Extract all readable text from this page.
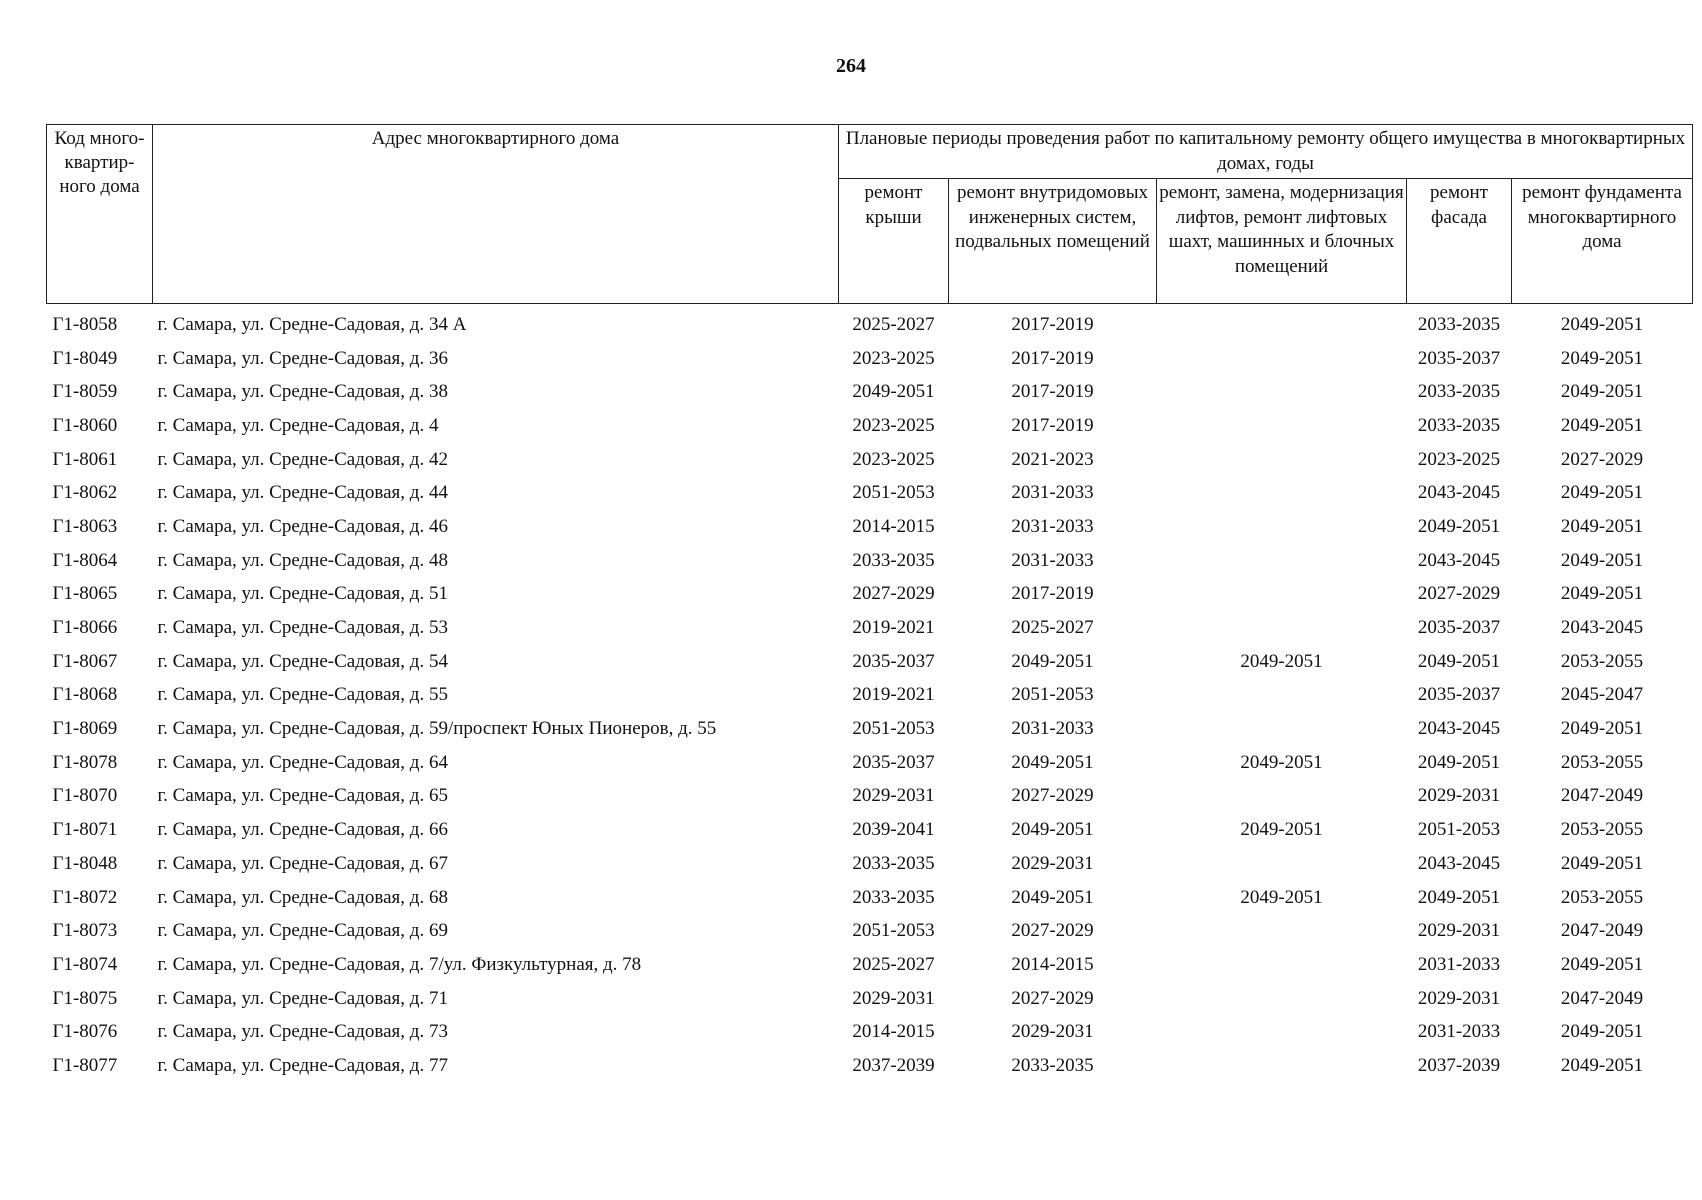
264
Код много-квартир-ного дома	Адрес многоквартирного дома	Плановые периоды проведения работ по капитальному ремонту общего имущества в многоквартирных домах, годы				
		ремонт крыши	ремонт внутридомовых инженерных систем, подвальных помещений	ремонт, замена, модернизация лифтов, ремонт лифтовых шахт, машинных и блочных помещений	ремонт фасада	ремонт фундамента многоквартирного дома
Г1-8058	г. Самара, ул. Средне-Садовая, д. 34 А	2025-2027	2017-2019		2033-2035	2049-2051
Г1-8049	г. Самара, ул. Средне-Садовая, д. 36	2023-2025	2017-2019		2035-2037	2049-2051
Г1-8059	г. Самара, ул. Средне-Садовая, д. 38	2049-2051	2017-2019		2033-2035	2049-2051
Г1-8060	г. Самара, ул. Средне-Садовая, д. 4	2023-2025	2017-2019		2033-2035	2049-2051
Г1-8061	г. Самара, ул. Средне-Садовая, д. 42	2023-2025	2021-2023		2023-2025	2027-2029
Г1-8062	г. Самара, ул. Средне-Садовая, д. 44	2051-2053	2031-2033		2043-2045	2049-2051
Г1-8063	г. Самара, ул. Средне-Садовая, д. 46	2014-2015	2031-2033		2049-2051	2049-2051
Г1-8064	г. Самара, ул. Средне-Садовая, д. 48	2033-2035	2031-2033		2043-2045	2049-2051
Г1-8065	г. Самара, ул. Средне-Садовая, д. 51	2027-2029	2017-2019		2027-2029	2049-2051
Г1-8066	г. Самара, ул. Средне-Садовая, д. 53	2019-2021	2025-2027		2035-2037	2043-2045
Г1-8067	г. Самара, ул. Средне-Садовая, д. 54	2035-2037	2049-2051	2049-2051	2049-2051	2053-2055
Г1-8068	г. Самара, ул. Средне-Садовая, д. 55	2019-2021	2051-2053		2035-2037	2045-2047
Г1-8069	г. Самара, ул. Средне-Садовая, д. 59/проспект Юных Пионеров, д. 55	2051-2053	2031-2033		2043-2045	2049-2051
Г1-8078	г. Самара, ул. Средне-Садовая, д. 64	2035-2037	2049-2051	2049-2051	2049-2051	2053-2055
Г1-8070	г. Самара, ул. Средне-Садовая, д. 65	2029-2031	2027-2029		2029-2031	2047-2049
Г1-8071	г. Самара, ул. Средне-Садовая, д. 66	2039-2041	2049-2051	2049-2051	2051-2053	2053-2055
Г1-8048	г. Самара, ул. Средне-Садовая, д. 67	2033-2035	2029-2031		2043-2045	2049-2051
Г1-8072	г. Самара, ул. Средне-Садовая, д. 68	2033-2035	2049-2051	2049-2051	2049-2051	2053-2055
Г1-8073	г. Самара, ул. Средне-Садовая, д. 69	2051-2053	2027-2029		2029-2031	2047-2049
Г1-8074	г. Самара, ул. Средне-Садовая, д. 7/ул. Физкультурная, д. 78	2025-2027	2014-2015		2031-2033	2049-2051
Г1-8075	г. Самара, ул. Средне-Садовая, д. 71	2029-2031	2027-2029		2029-2031	2047-2049
Г1-8076	г. Самара, ул. Средне-Садовая, д. 73	2014-2015	2029-2031		2031-2033	2049-2051
Г1-8077	г. Самара, ул. Средне-Садовая, д. 77	2037-2039	2033-2035		2037-2039	2049-2051
